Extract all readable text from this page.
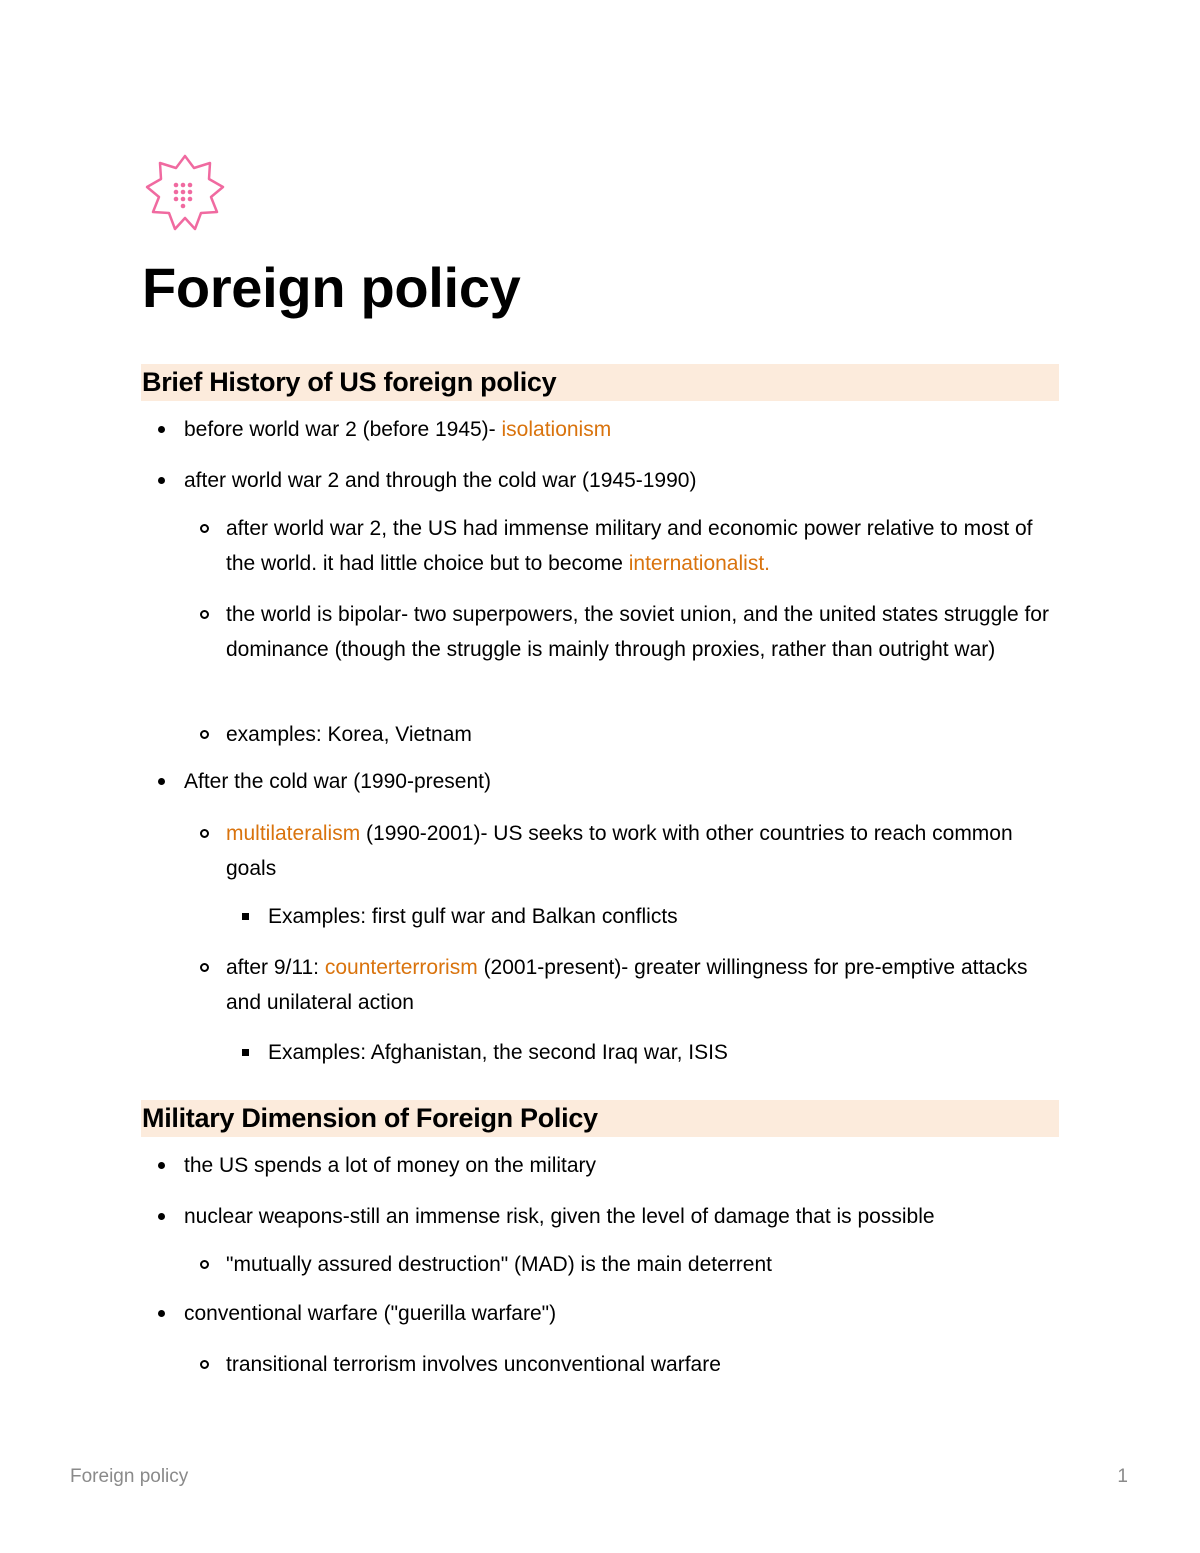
Foreign policy
Brief History of US foreign policy
before world war 2 (before 1945)- isolationism
after world war 2 and through the cold war (1945-1990)
after world war 2, the US had immense military and economic power relative to most of the world. it had little choice but to become internationalist.
the world is bipolar- two superpowers, the soviet union, and the united states struggle for dominance (though the struggle is mainly through proxies, rather than outright war)
examples: Korea, Vietnam
After the cold war (1990-present)
multilateralism (1990-2001)- US seeks to work with other countries to reach common goals
Examples: first gulf war and Balkan conflicts
after 9/11: counterterrorism (2001-present)- greater willingness for pre-emptive attacks and unilateral action
Examples: Afghanistan, the second Iraq war, ISIS
Military Dimension of Foreign Policy
the US spends a lot of money on the military
nuclear weapons-still an immense risk, given the level of damage that is possible
"mutually assured destruction" (MAD) is the main deterrent
conventional warfare ("guerilla warfare")
transitional terrorism involves unconventional warfare
Foreign policy	1
